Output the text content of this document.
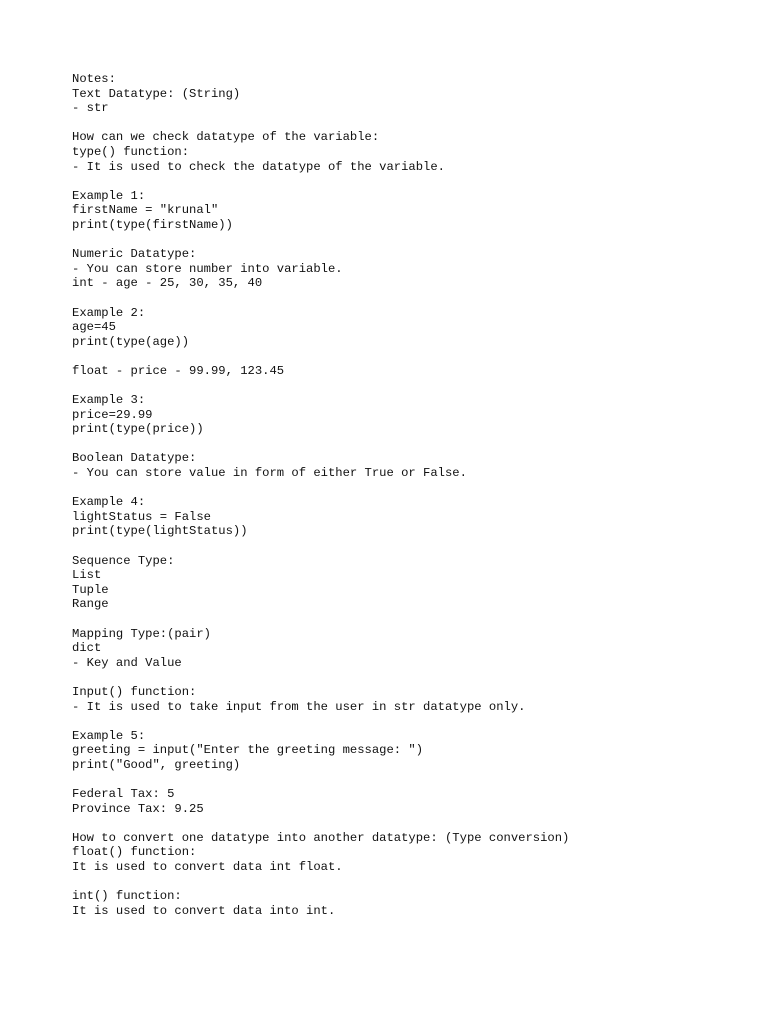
Notes:
Text Datatype: (String)
- str
How can we check datatype of the variable:
type() function:
- It is used to check the datatype of the variable.
Example 1:
firstName = "krunal"
print(type(firstName))
Numeric Datatype:
- You can store number into variable.
int - age - 25, 30, 35, 40
Example 2:
age=45
print(type(age))
float - price - 99.99, 123.45
Example 3:
price=29.99
print(type(price))
Boolean Datatype:
- You can store value in form of either True or False.
Example 4:
lightStatus = False
print(type(lightStatus))
Sequence Type:
List
Tuple
Range
Mapping Type:(pair)
dict
- Key and Value
Input() function:
- It is used to take input from the user in str datatype only.
Example 5:
greeting = input("Enter the greeting message: ")
print("Good", greeting)
Federal Tax: 5
Province Tax: 9.25
How to convert one datatype into another datatype: (Type conversion)
float() function:
It is used to convert data int float.
int() function:
It is used to convert data into int.
